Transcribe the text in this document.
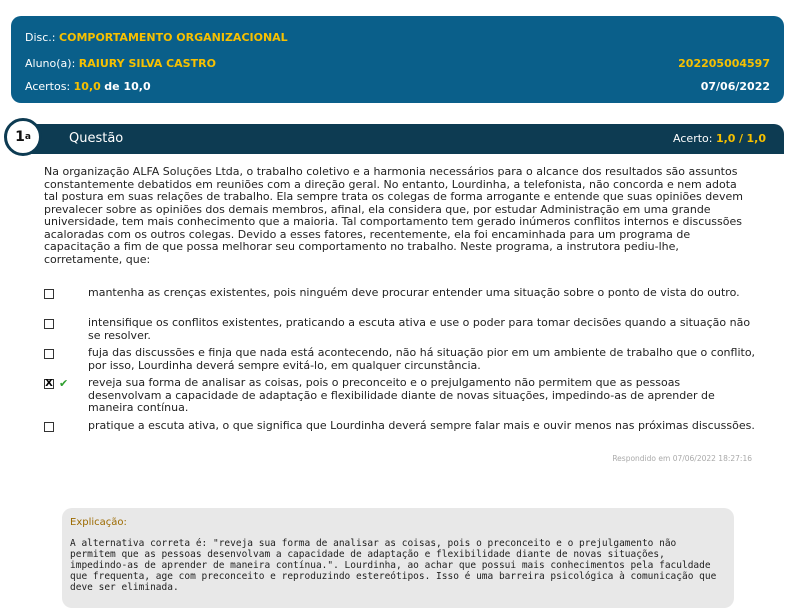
Disc.: COMPORTAMENTO ORGANIZACIONAL
Aluno(a): RAIURY SILVA CASTRO	202205004597
Acertos: 10,0 de 10,0	07/06/2022
Questão	Acerto: 1,0 / 1,0
1 a
Na organização ALFA Soluções Ltda, o trabalho coletivo e a harmonia necessários para o alcance dos resultados são assuntos constantemente debatidos em reuniões com a direção geral. No entanto, Lourdinha, a telefonista, não concorda e nem adota tal postura em suas relações de trabalho. Ela sempre trata os colegas de forma arrogante e entende que suas opiniões devem prevalecer sobre as opiniões dos demais membros, afinal, ela considera que, por estudar Administração em uma grande universidade, tem mais conhecimento que a maioria. Tal comportamento tem gerado inúmeros conflitos internos e discussões acaloradas com os outros colegas. Devido a esses fatores, recentemente, ela foi encaminhada para um programa de capacitação a fim de que possa melhorar seu comportamento no trabalho. Neste programa, a instrutora pediu-lhe, corretamente, que:
mantenha as crenças existentes, pois ninguém deve procurar entender uma situação sobre o ponto de vista do outro.
intensifique os conflitos existentes, praticando a escuta ativa e use o poder para tomar decisões quando a situação não se resolver.
fuja das discussões e finja que nada está acontecendo, não há situação pior em um ambiente de trabalho que o conflito, por isso, Lourdinha deverá sempre evitá-lo, em qualquer circunstância.
X ✔ reveja sua forma de analisar as coisas, pois o preconceito e o prejulgamento não permitem que as pessoas desenvolvam a capacidade de adaptação e flexibilidade diante de novas situações, impedindo-as de aprender de maneira contínua.
pratique a escuta ativa, o que significa que Lourdinha deverá sempre falar mais e ouvir menos nas próximas discussões.
Respondido em 07/06/2022 18:27:16
Explicação:
A alternativa correta é: "reveja sua forma de analisar as coisas, pois o preconceito e o prejulgamento não permitem que as pessoas desenvolvam a capacidade de adaptação e flexibilidade diante de novas situações, impedindo-as de aprender de maneira contínua.". Lourdinha, ao achar que possui mais conhecimentos pela faculdade que frequenta, age com preconceito e reproduzindo estereótipos. Isso é uma barreira psicológica à comunicação que deve ser eliminada.
